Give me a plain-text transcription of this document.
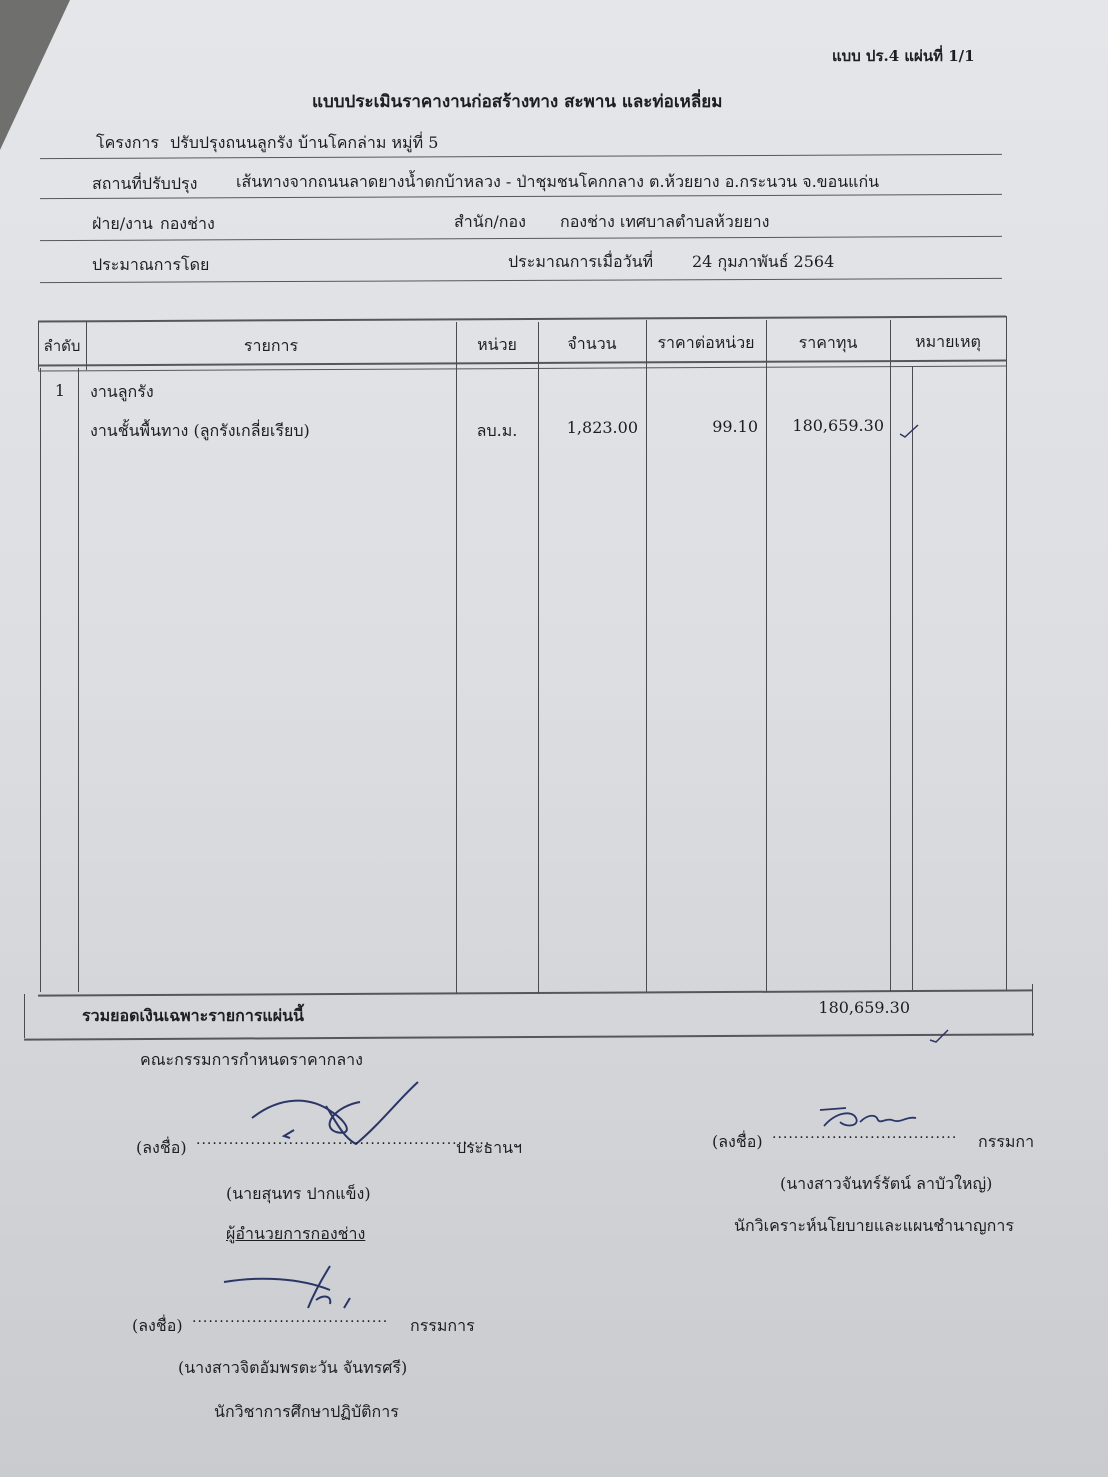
แบบ ปร.4 แผ่นที่ 1/1
แบบประเมินราคางานก่อสร้างทาง สะพาน และท่อเหลี่ยม
โครงการ ปรับปรุงถนนลูกรัง บ้านโคกล่าม หมู่ที่ 5
สถานที่ปรับปรุง เส้นทางจากถนนลาดยางน้ำตกบ้าหลวง - ป่าชุมชนโคกกลาง ต.ห้วยยาง อ.กระนวน จ.ขอนแก่น
ฝ่าย/งาน กองช่าง	สำนัก/กอง กองช่าง เทศบาลตำบลห้วยยาง
ประมาณการโดย	ประมาณการเมื่อวันที่ 24 กุมภาพันธ์ 2564
ลำดับ	รายการ	หน่วย	จำนวน	ราคาต่อหน่วย	ราคาทุน	หมายเหตุ
1	งานลูกรัง
งานชั้นพื้นทาง (ลูกรังเกลี่ยเรียบ)	ลบ.ม.	1,823.00	99.10	180,659.30
รวมยอดเงินเฉพาะรายการแผ่นนี้	180,659.30
คณะกรรมการกำหนดราคากลาง
(ลงชื่อ) ......................................................
ประธานฯ
(นายสุนทร ปากแข็ง)
ผู้อำนวยการกองช่าง
(ลงชื่อ) .................................... กรรมการ
(นางสาวจิตอัมพรตะวัน จันทรศรี)
นักวิชาการศึกษาปฏิบัติการ
(ลงชื่อ) .................................. กรรมกา
(นางสาวจันทร์รัตน์ ลาบัวใหญ่)
นักวิเคราะห์นโยบายและแผนชำนาญการ
